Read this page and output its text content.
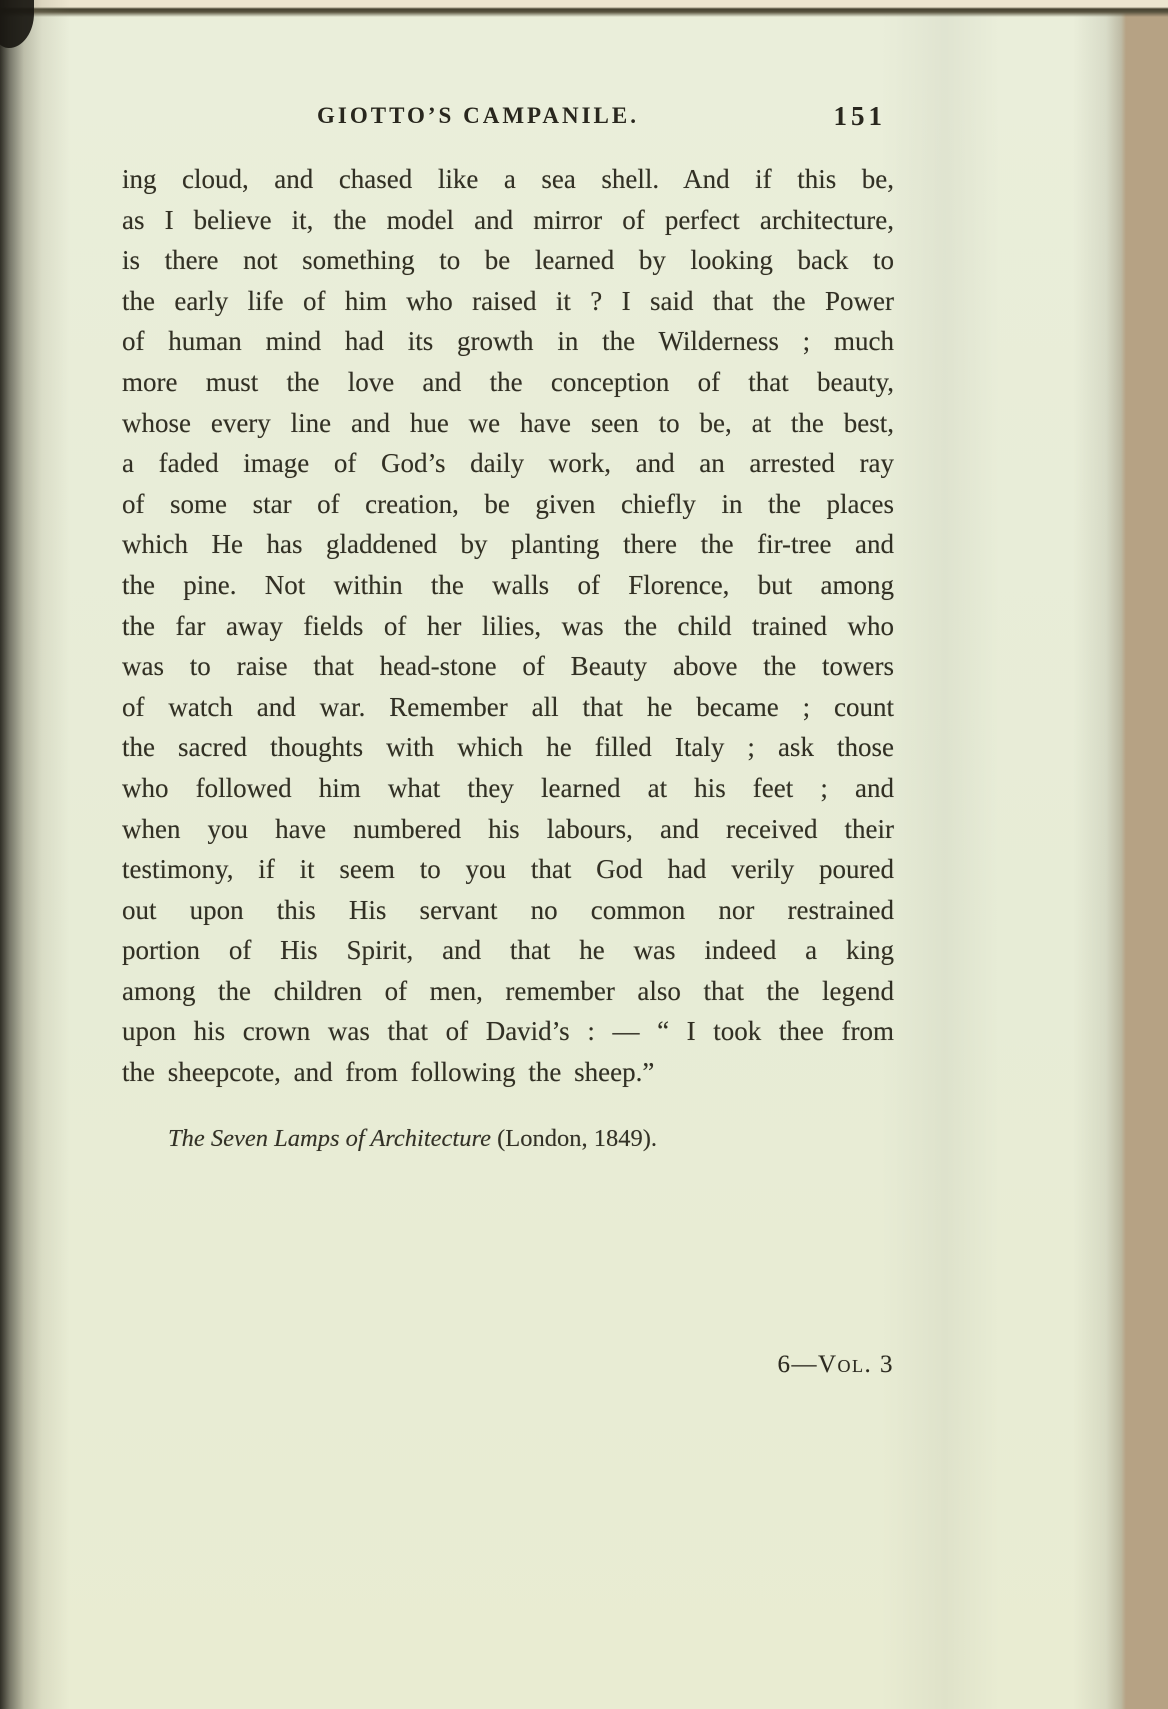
GIOTTO’S CAMPANILE.	151
ing cloud, and chased like a sea shell. And if this be,
as I believe it, the model and mirror of perfect architecture,
is there not something to be learned by looking back to
the early life of him who raised it ? I said that the Power
of human mind had its growth in the Wilderness ; much
more must the love and the conception of that beauty,
whose every line and hue we have seen to be, at the best,
a faded image of God’s daily work, and an arrested ray
of some star of creation, be given chiefly in the places
which He has gladdened by planting there the fir-tree and
the pine. Not within the walls of Florence, but among
the far away fields of her lilies, was the child trained who
was to raise that head-stone of Beauty above the towers
of watch and war. Remember all that he became ; count
the sacred thoughts with which he filled Italy ; ask those
who followed him what they learned at his feet ; and
when you have numbered his labours, and received their
testimony, if it seem to you that God had verily poured
out upon this His servant no common nor restrained
portion of His Spirit, and that he was indeed a king
among the children of men, remember also that the legend
upon his crown was that of David’s : — “ I took thee from
the sheepcote, and from following the sheep.”
The Seven Lamps of Architecture (London, 1849).
6—Vol. 3
